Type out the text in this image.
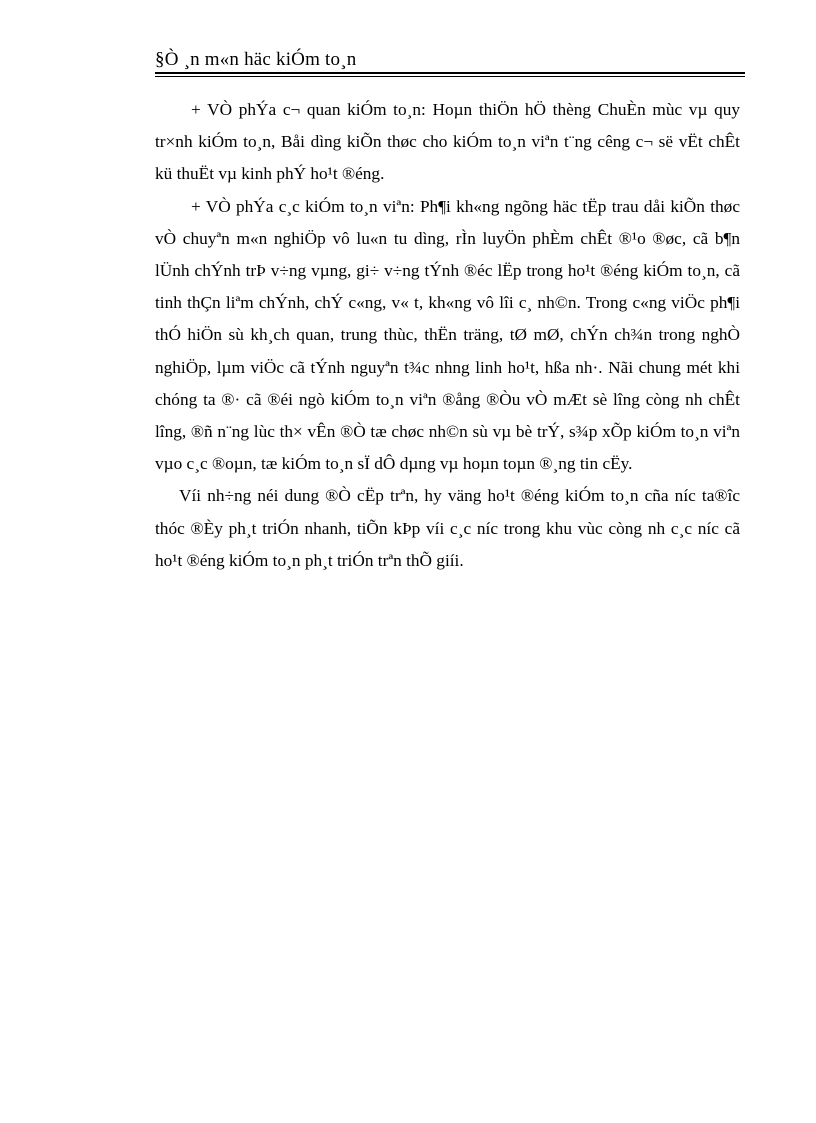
§Ò ¸n m«n häc kiÓm to¸n

+ VÒ phÝa c¬ quan kiÓm to¸n: Hoµn thiÖn hÖ thèng ChuÈn mùc vµ quy tr×nh kiÓm to¸n, Båi dìng kiÕn thøc cho kiÓm to¸n viªn t¨ng cêng c¬ së vËt chÊt kü thuËt vµ kinh phÝ ho¹t ®éng.

+ VÒ phÝa c¸c kiÓm to¸n viªn: Ph¶i kh«ng ngõng häc tËp trau dåi kiÕn thøc vÒ chuyªn m«n nghiÖp vô lu«n tu dìng, rÌn luyÖn phÈm chÊt ®¹o ®øc, cã b¶n lÜnh chÝnh trÞ v÷ng vµng, gi÷ v÷ng tÝnh ®éc lËp trong ho¹t ®éng kiÓm to¸n, cã tinh thÇn liªm chÝnh, chÝ c«ng, v« t, kh«ng vô lîi c¸ nh©n. Trong c«ng viÖc ph¶i thÓ hiÖn sù kh¸ch quan, trung thùc, thËn träng, tØ mØ, chÝn ch¾n trong nghÒ nghiÖp, lµm viÖc cã tÝnh nguyªn t¾c nhng linh ho¹t, hßa nh·. Nãi chung mét khi chóng ta ®· cã ®éi ngò kiÓm to¸n viªn ®ång ®Òu vÒ mÆt sè lîng còng nh chÊt lîng, ®ñ n¨ng lùc th× vÊn ®Ò tæ chøc nh©n sù vµ bè trÝ, s¾p xÕp kiÓm to¸n viªn vµo c¸c ®oµn, tæ kiÓm to¸n sÏ dÔ dµng vµ hoµn toµn ®¸ng tin cËy.

Víi nh÷ng néi dung ®Ò cËp trªn, hy väng ho¹t ®éng kiÓm to¸n cña níc ta®îc thóc ®Èy ph¸t triÓn nhanh, tiÕn kÞp víi c¸c níc trong khu vùc còng nh c¸c níc cã ho¹t ®éng kiÓm to¸n ph¸t triÓn trªn thÕ giíi.
